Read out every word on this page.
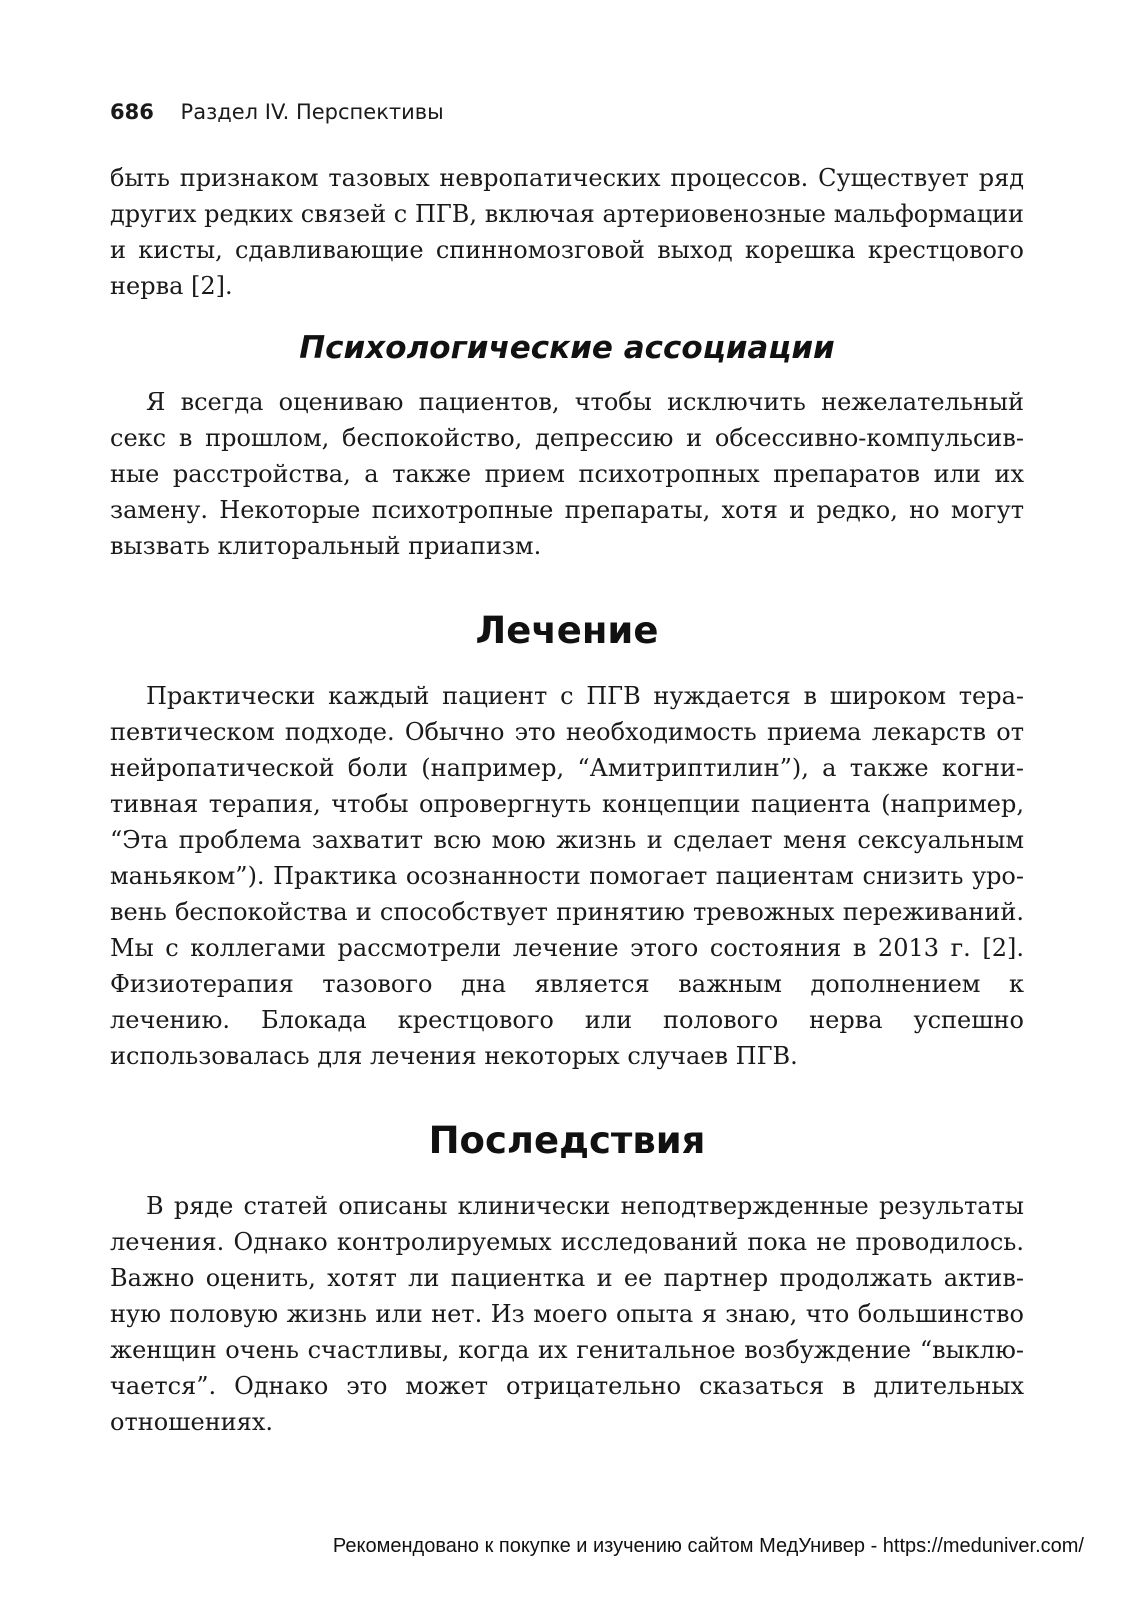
686 Раздел IV. Перспективы

быть признаком тазовых невропатических процессов. Существует ряд других редких связей с ПГВ, включая артериовенозные мальформации и кисты, сдавливающие спинномозговой выход корешка крестцового нерва [2].

Психологические ассоциации

Я всегда оцениваю пациентов, чтобы исключить нежелательный секс в прошлом, беспокойство, депрессию и обсессивно-компульсивные расстройства, а также прием психотропных препаратов или их замену. Некоторые психотропные препараты, хотя и редко, но могут вызвать клиторальный приапизм.

Лечение

Практически каждый пациент с ПГВ нуждается в широком терапевтическом подходе. Обычно это необходимость приема лекарств от нейропатической боли (например, “Амитриптилин”), а также когнитивная терапия, чтобы опровергнуть концепции пациента (например, “Эта проблема захватит всю мою жизнь и сделает меня сексуальным маньяком”). Практика осознанности помогает пациентам снизить уровень беспокойства и способствует принятию тревожных переживаний. Мы с коллегами рассмотрели лечение этого состояния в 2013 г. [2]. Физиотерапия тазового дна является важным дополнением к лечению. Блокада крестцового или полового нерва успешно использовалась для лечения некоторых случаев ПГВ.

Последствия

В ряде статей описаны клинически неподтвержденные результаты лечения. Однако контролируемых исследований пока не проводилось. Важно оценить, хотят ли пациентка и ее партнер продолжать активную половую жизнь или нет. Из моего опыта я знаю, что большинство женщин очень счастливы, когда их генитальное возбуждение “выключается”. Однако это может отрицательно сказаться в длительных отношениях.

Рекомендовано к покупке и изучению сайтом МедУнивер - https://meduniver.com/
